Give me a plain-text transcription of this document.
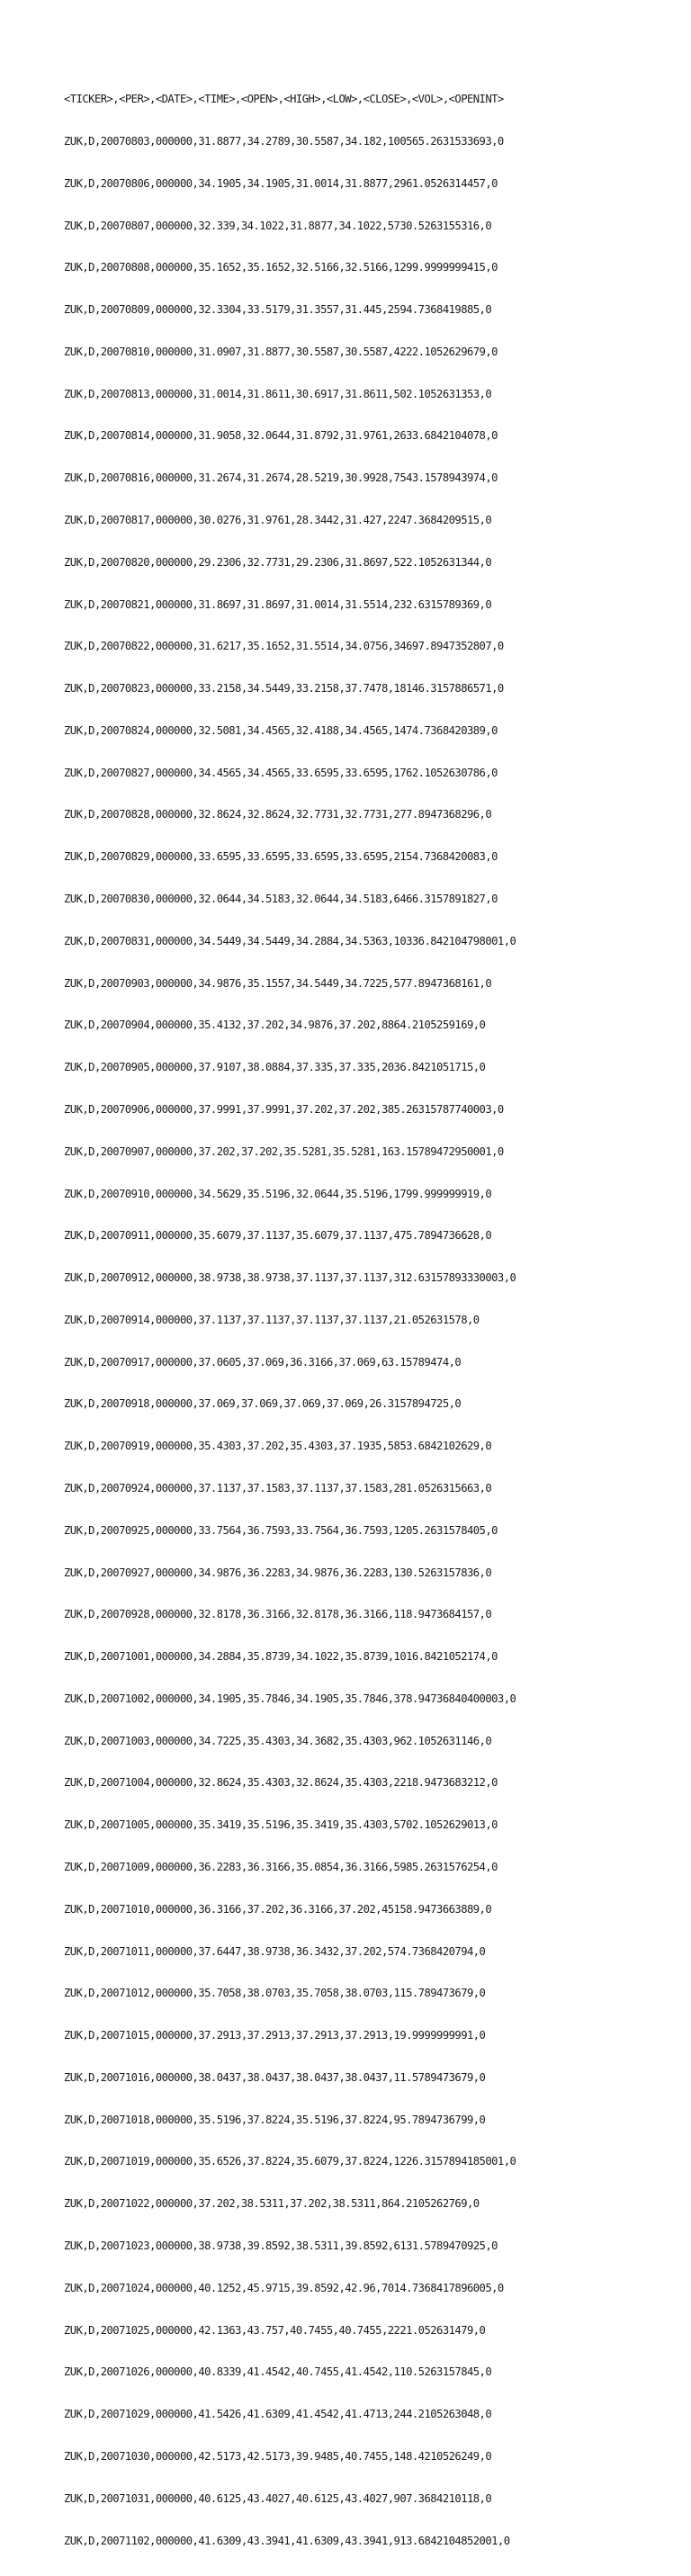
<TICKER>,<PER>,<DATE>,<TIME>,<OPEN>,<HIGH>,<LOW>,<CLOSE>,<VOL>,<OPENINT>

ZUK,D,20070803,000000,31.8877,34.2789,30.5587,34.182,100565.2631533693,0

ZUK,D,20070806,000000,34.1905,34.1905,31.0014,31.8877,2961.0526314457,0

ZUK,D,20070807,000000,32.339,34.1022,31.8877,34.1022,5730.5263155316,0

ZUK,D,20070808,000000,35.1652,35.1652,32.5166,32.5166,1299.9999999415,0

ZUK,D,20070809,000000,32.3304,33.5179,31.3557,31.445,2594.7368419885,0

ZUK,D,20070810,000000,31.0907,31.8877,30.5587,30.5587,4222.1052629679,0

ZUK,D,20070813,000000,31.0014,31.8611,30.6917,31.8611,502.1052631353,0

ZUK,D,20070814,000000,31.9058,32.0644,31.8792,31.9761,2633.6842104078,0

ZUK,D,20070816,000000,31.2674,31.2674,28.5219,30.9928,7543.1578943974,0

ZUK,D,20070817,000000,30.0276,31.9761,28.3442,31.427,2247.3684209515,0

ZUK,D,20070820,000000,29.2306,32.7731,29.2306,31.8697,522.1052631344,0

ZUK,D,20070821,000000,31.8697,31.8697,31.0014,31.5514,232.6315789369,0

ZUK,D,20070822,000000,31.6217,35.1652,31.5514,34.0756,34697.8947352807,0

ZUK,D,20070823,000000,33.2158,34.5449,33.2158,37.7478,18146.3157886571,0

ZUK,D,20070824,000000,32.5081,34.4565,32.4188,34.4565,1474.7368420389,0

ZUK,D,20070827,000000,34.4565,34.4565,33.6595,33.6595,1762.1052630786,0

ZUK,D,20070828,000000,32.8624,32.8624,32.7731,32.7731,277.8947368296,0

ZUK,D,20070829,000000,33.6595,33.6595,33.6595,33.6595,2154.7368420083,0

ZUK,D,20070830,000000,32.0644,34.5183,32.0644,34.5183,6466.3157891827,0

ZUK,D,20070831,000000,34.5449,34.5449,34.2884,34.5363,10336.842104798001,0

ZUK,D,20070903,000000,34.9876,35.1557,34.5449,34.7225,577.8947368161,0

ZUK,D,20070904,000000,35.4132,37.202,34.9876,37.202,8864.2105259169,0

ZUK,D,20070905,000000,37.9107,38.0884,37.335,37.335,2036.8421051715,0

ZUK,D,20070906,000000,37.9991,37.9991,37.202,37.202,385.26315787740003,0

ZUK,D,20070907,000000,37.202,37.202,35.5281,35.5281,163.15789472950001,0

ZUK,D,20070910,000000,34.5629,35.5196,32.0644,35.5196,1799.999999919,0

ZUK,D,20070911,000000,35.6079,37.1137,35.6079,37.1137,475.7894736628,0

ZUK,D,20070912,000000,38.9738,38.9738,37.1137,37.1137,312.63157893330003,0

ZUK,D,20070914,000000,37.1137,37.1137,37.1137,37.1137,21.052631578,0

ZUK,D,20070917,000000,37.0605,37.069,36.3166,37.069,63.15789474,0

ZUK,D,20070918,000000,37.069,37.069,37.069,37.069,26.3157894725,0

ZUK,D,20070919,000000,35.4303,37.202,35.4303,37.1935,5853.6842102629,0

ZUK,D,20070924,000000,37.1137,37.1583,37.1137,37.1583,281.0526315663,0

ZUK,D,20070925,000000,33.7564,36.7593,33.7564,36.7593,1205.2631578405,0

ZUK,D,20070927,000000,34.9876,36.2283,34.9876,36.2283,130.5263157836,0

ZUK,D,20070928,000000,32.8178,36.3166,32.8178,36.3166,118.9473684157,0

ZUK,D,20071001,000000,34.2884,35.8739,34.1022,35.8739,1016.8421052174,0

ZUK,D,20071002,000000,34.1905,35.7846,34.1905,35.7846,378.94736840400003,0

ZUK,D,20071003,000000,34.7225,35.4303,34.3682,35.4303,962.1052631146,0

ZUK,D,20071004,000000,32.8624,35.4303,32.8624,35.4303,2218.9473683212,0

ZUK,D,20071005,000000,35.3419,35.5196,35.3419,35.4303,5702.1052629013,0

ZUK,D,20071009,000000,36.2283,36.3166,35.0854,36.3166,5985.2631576254,0

ZUK,D,20071010,000000,36.3166,37.202,36.3166,37.202,45158.9473663889,0

ZUK,D,20071011,000000,37.6447,38.9738,36.3432,37.202,574.7368420794,0

ZUK,D,20071012,000000,35.7058,38.0703,35.7058,38.0703,115.789473679,0

ZUK,D,20071015,000000,37.2913,37.2913,37.2913,37.2913,19.9999999991,0

ZUK,D,20071016,000000,38.0437,38.0437,38.0437,38.0437,11.5789473679,0

ZUK,D,20071018,000000,35.5196,37.8224,35.5196,37.8224,95.7894736799,0

ZUK,D,20071019,000000,35.6526,37.8224,35.6079,37.8224,1226.3157894185001,0

ZUK,D,20071022,000000,37.202,38.5311,37.202,38.5311,864.2105262769,0

ZUK,D,20071023,000000,38.9738,39.8592,38.5311,39.8592,6131.5789470925,0

ZUK,D,20071024,000000,40.1252,45.9715,39.8592,42.96,7014.7368417896005,0

ZUK,D,20071025,000000,42.1363,43.757,40.7455,40.7455,2221.052631479,0

ZUK,D,20071026,000000,40.8339,41.4542,40.7455,41.4542,110.5263157845,0

ZUK,D,20071029,000000,41.5426,41.6309,41.4542,41.4713,244.2105263048,0

ZUK,D,20071030,000000,42.5173,42.5173,39.9485,40.7455,148.4210526249,0

ZUK,D,20071031,000000,40.6125,43.4027,40.6125,43.4027,907.3684210118,0

ZUK,D,20071102,000000,41.6309,43.3941,41.6309,43.3941,913.6842104852001,0
